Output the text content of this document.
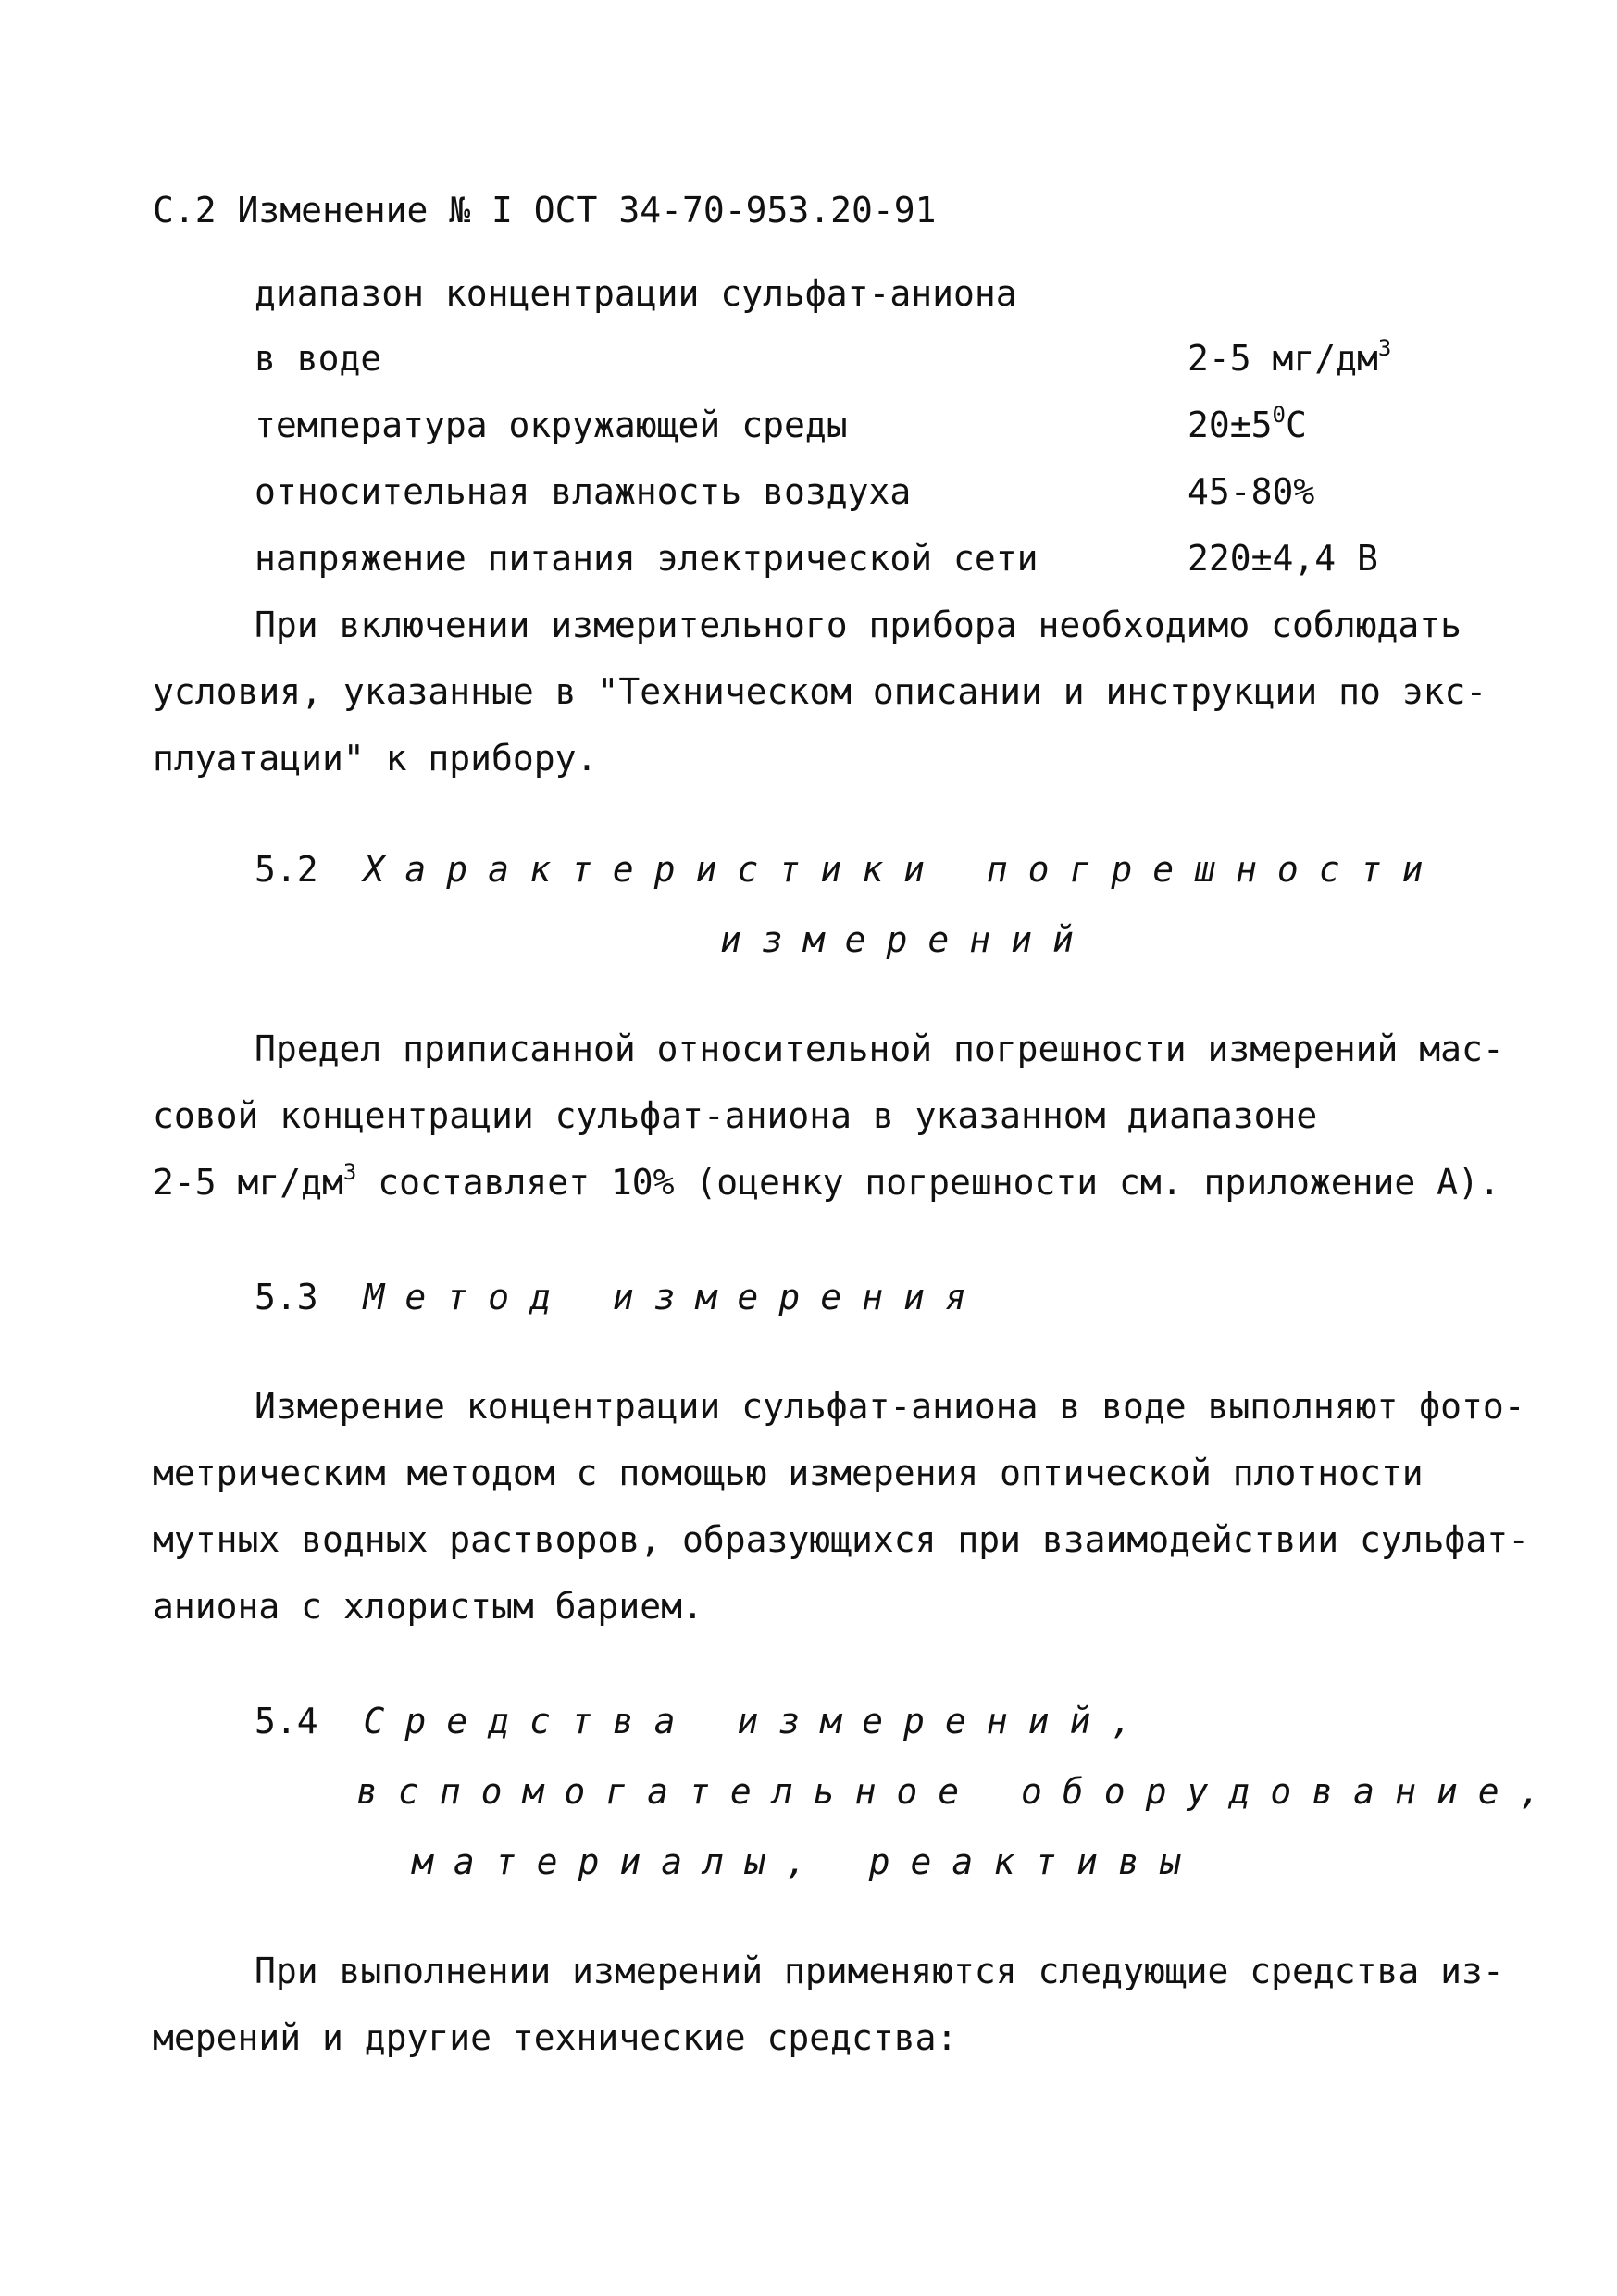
С.2 Изменение № I ОСТ 34-70-953.20-91
диапазон концентрации сульфат-аниона
в воде	2-5 $мг/дм^3$
температура окружающей среды	$20\pm 5^0С$
относительная влажность воздуха	45-80%
напряжение питания электрической сети	220±4,4 В
При включении измерительного прибора необходимо соблюдать
условия, указанные в "Техническом описании и инструкции по экс-
плуатации" к прибору.
5.2 Характеристики погрешности
измерений
Предел приписанной относительной погрешности измерений мас-
совой концентрации сульфат-аниона в указанном диапазоне
2-5 $мг/дм^3$ составляет 10% (оценку погрешности см. приложение А).
5.3 Метод измерения
Измерение концентрации сульфат-аниона в воде выполняют фото-
метрическим методом с помощью измерения оптической плотности
мутных водных растворов, образующихся при взаимодействии сульфат-
аниона с хлористым барием.
5.4 Средства измерений,
вспомогательное оборудование,
материалы, реактивы
При выполнении измерений применяются следующие средства из-
мерений и другие технические средства:
